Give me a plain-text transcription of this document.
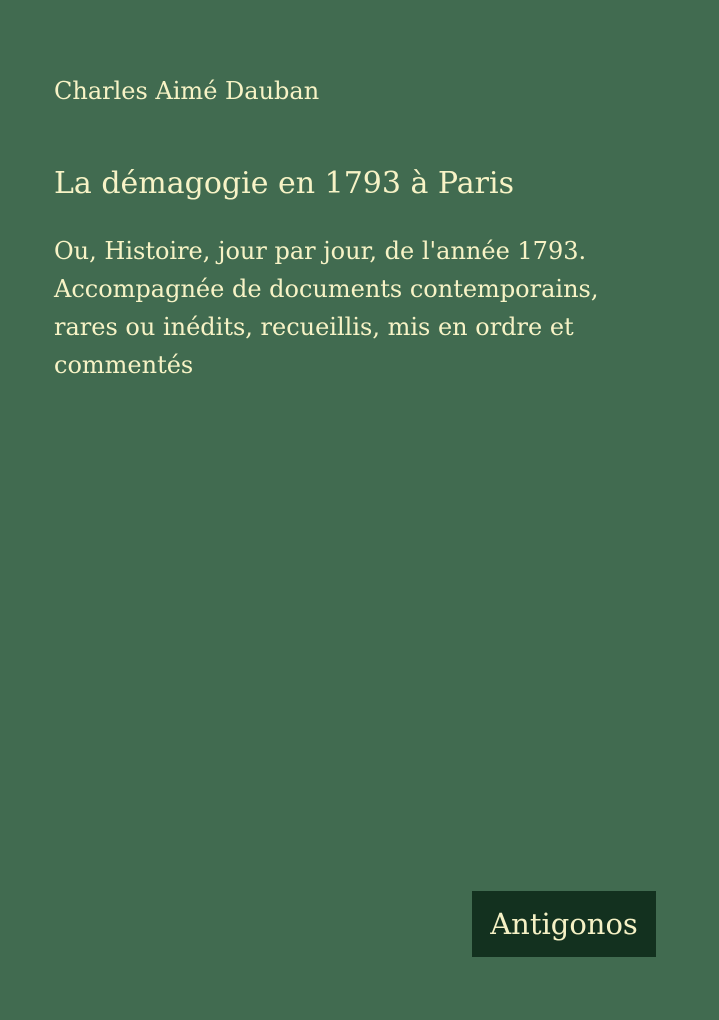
Charles Aimé Dauban
La démagogie en 1793 à Paris
Ou, Histoire, jour par jour, de l'année 1793.
Accompagnée de documents contemporains,
rares ou inédits, recueillis, mis en ordre et
commentés
Antigonos
